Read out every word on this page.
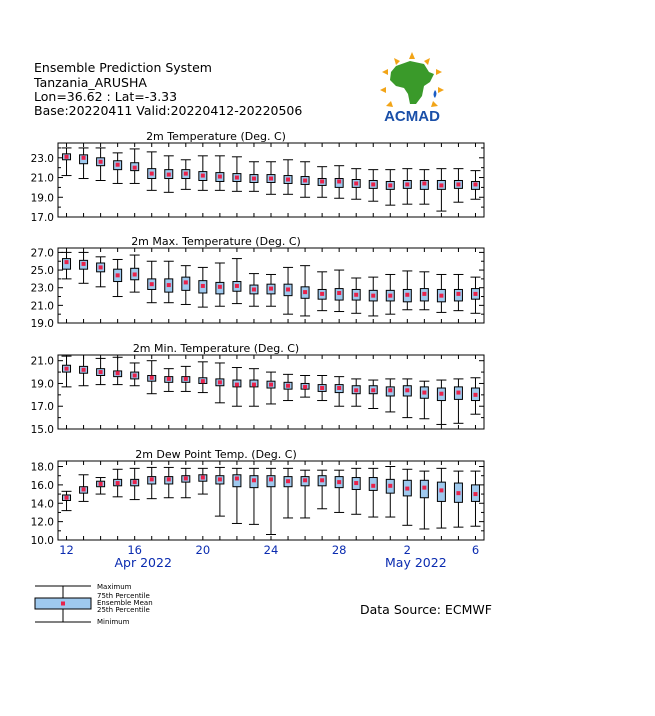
Ensemble Prediction System
Tanzania_ARUSHA
Lon=36.62 : Lat=-3.33
Base:20220411 Valid:20220412-20220506	ACMAD
23.0
21.0
19.0
17.0
2m Temperature (Deg. C)
27.0
25.0
23.0
21.0
19.0
2m Max. Temperature (Deg. C)
21.0
19.0
17.0
15.0
2m Min. Temperature (Deg. C)
18.0
16.0
14.0
12.0
10.0
2m Dew Point Temp. (Deg. C)
12	16	20	24	28	2	6
Apr 2022	May 2022
Maximum
75th Percentile
Ensemble Mean
25th Percentile
Minimum
Data Source: ECMWF
